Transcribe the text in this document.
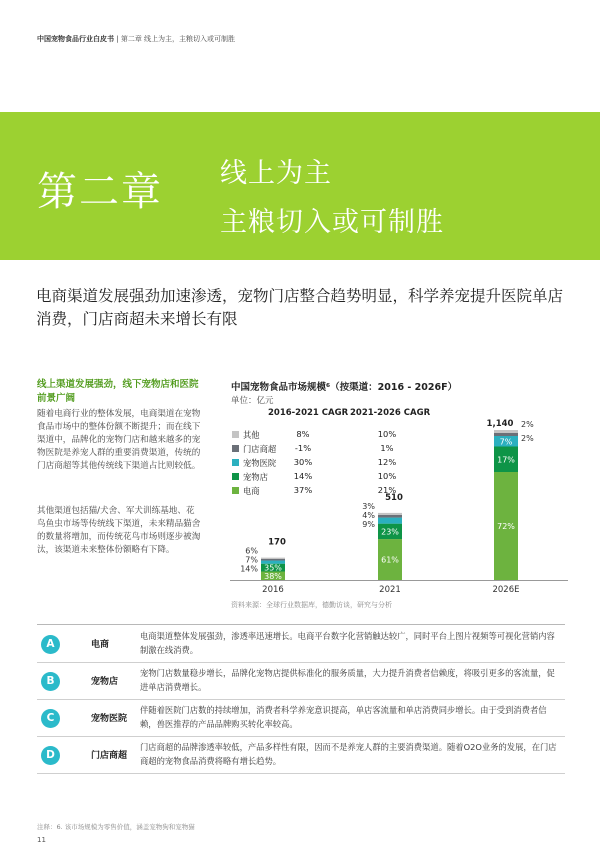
中国宠物食品行业白皮书 | 第二章 线上为主，主粮切入或可制胜
第二章 线上为主
主粮切入或可制胜
电商渠道发展强劲加速渗透，宠物门店整合趋势明显，科学养宠提升医院单店消费，门店商超未来增长有限
线上渠道发展强劲，线下宠物店和医院前景广阔
随着电商行业的整体发展，电商渠道在宠物食品市场中的整体份额不断提升；而在线下渠道中，品牌化的宠物门店和越来越多的宠物医院是养宠人群的重要消费渠道，传统的门店商超等其他传统线下渠道占比则较低。
其他渠道包括猫/犬舍、军犬训练基地、花鸟鱼虫市场等传统线下渠道，未来精品猫舍的数量将增加，而传统花鸟市场则逐步被淘汰，该渠道未来整体份额略有下降。
中国宠物食品市场规模⁶（按渠道：2016 - 2026F）
单位：亿元
2016-2021 CAGR 2021-2026 CAGR
其他	8%	10%
门店商超	-1%	1%
宠物医院	30%	12%
宠物店	14%	10%
电商	37%	21%
38%
35%
6%
7%
14%
170
2016
61%
23%
3%
4%
9%
510
2021
72%
17%
7% 2%
2%
1,140
2026E
资料来源：全球行业数据库，德勤访谈，研究与分析
A	电商
电商渠道整体发展强劲，渗透率迅速增长。电商平台数字化营销触达较广，同时平台上图片视频等可视化营销内容制激在线消费。
B	宠物店
宠物门店数量稳步增长，品牌化宠物店提供标准化的服务质量，大力提升消费者信赖度，将吸引更多的客流量，促进单店消费增长。
C	宠物医院
伴随着医院门店数的持续增加，消费者科学养宠意识提高，单店客流量和单店消费同步增长。由于受到消费者信赖，兽医推荐的产品品牌购买转化率较高。
D	门店商超
门店商超的品牌渗透率较低，产品多样性有限，因而不是养宠人群的主要消费渠道。随着O2O业务的发展，在门店商超的宠物食品消费将略有增长趋势。
注释：6. 该市场规模为零售价值，涵盖宠物狗和宠物猫
11
